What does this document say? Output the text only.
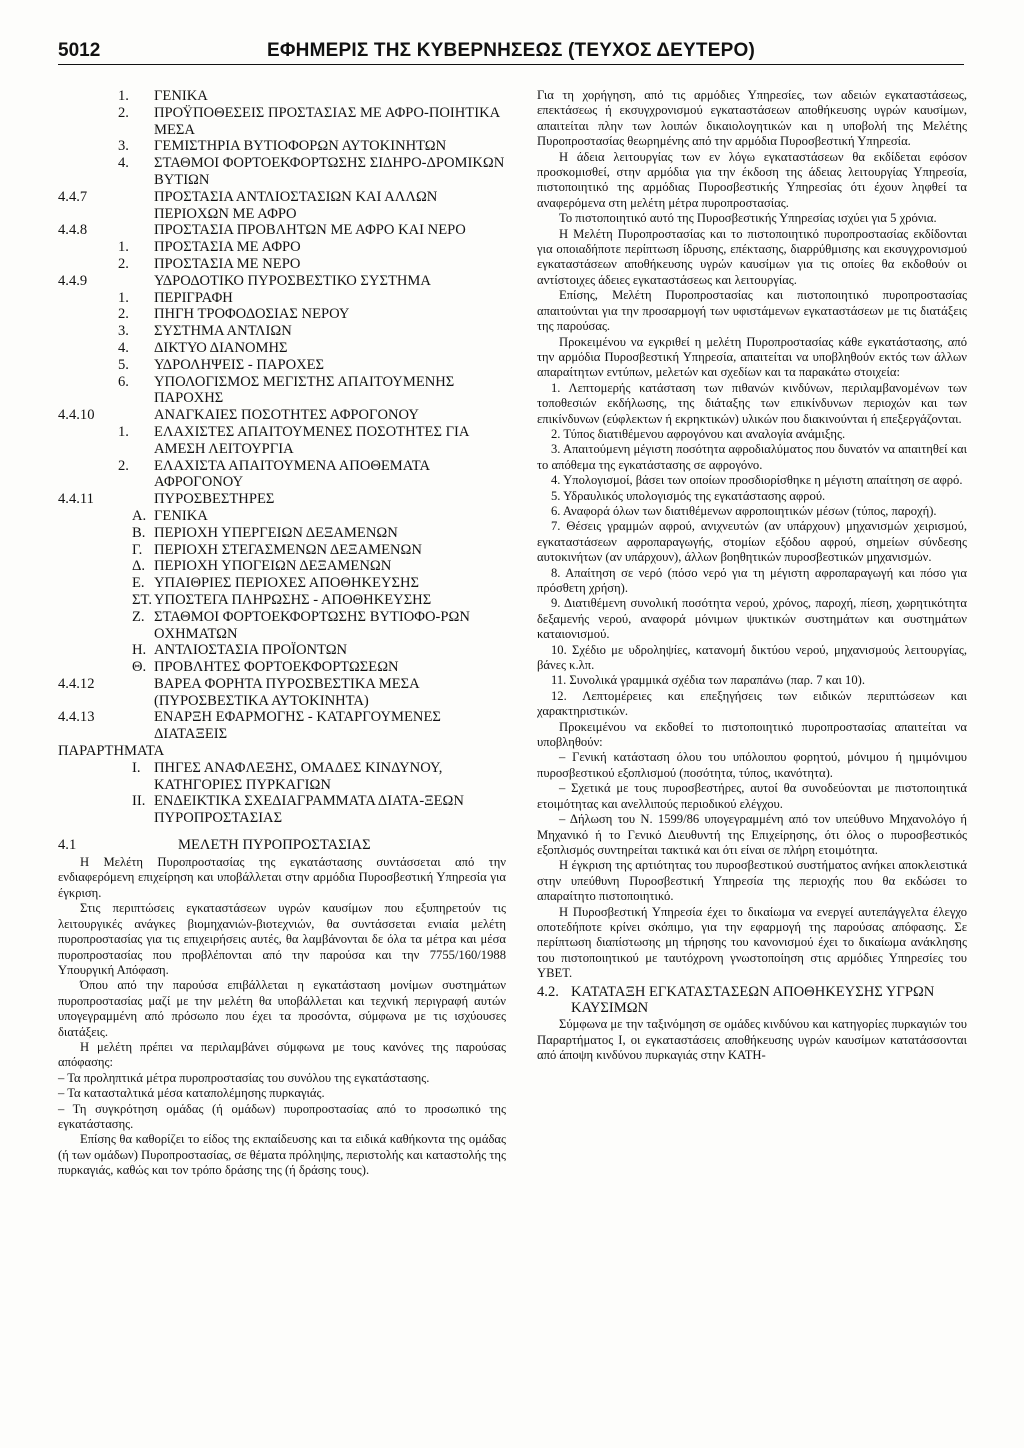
5012	ΕΦΗΜΕΡΙΣ ΤΗΣ ΚΥΒΕΡΝΗΣΕΩΣ (ΤΕΥΧΟΣ ΔΕΥΤΕΡΟ)
1. ΓΕΝΙΚΑ
2. ΠΡΟΫΠΟΘΕΣΕΙΣ ΠΡΟΣΤΑΣΙΑΣ ΜΕ ΑΦΡΟ-ΠΟΙΗΤΙΚΑ ΜΕΣΑ
3. ΓΕΜΙΣΤΗΡΙΑ ΒΥΤΙΟΦΟΡΩΝ ΑΥΤΟΚΙΝΗΤΩΝ
4. ΣΤΑΘΜΟΙ ΦΟΡΤΟΕΚΦΟΡΤΩΣΗΣ ΣΙΔΗΡΟ-ΔΡΟΜΙΚΩΝ ΒΥΤΙΩΝ
4.4.7	ΠΡΟΣΤΑΣΙΑ ΑΝΤΛΙΟΣΤΑΣΙΩΝ ΚΑΙ ΑΛΛΩΝ ΠΕΡΙΟΧΩΝ ΜΕ ΑΦΡΟ
4.4.8	ΠΡΟΣΤΑΣΙΑ ΠΡΟΒΛΗΤΩΝ ΜΕ ΑΦΡΟ ΚΑΙ ΝΕΡΟ
1. ΠΡΟΣΤΑΣΙΑ ΜΕ ΑΦΡΟ
2. ΠΡΟΣΤΑΣΙΑ ΜΕ ΝΕΡΟ
4.4.9	ΥΔΡΟΔΟΤΙΚΟ ΠΥΡΟΣΒΕΣΤΙΚΟ ΣΥΣΤΗΜΑ
1. ΠΕΡΙΓΡΑΦΗ
2. ΠΗΓΗ ΤΡΟΦΟΔΟΣΙΑΣ ΝΕΡΟΥ
3. ΣΥΣΤΗΜΑ ΑΝΤΛΙΩΝ
4. ΔΙΚΤΥΟ ΔΙΑΝΟΜΗΣ
5. ΥΔΡΟΛΗΨΕΙΣ - ΠΑΡΟΧΕΣ
6. ΥΠΟΛΟΓΙΣΜΟΣ ΜΕΓΙΣΤΗΣ ΑΠΑΙΤΟΥΜΕΝΗΣ ΠΑΡΟΧΗΣ
4.4.10	ΑΝΑΓΚΑΙΕΣ ΠΟΣΟΤΗΤΕΣ ΑΦΡΟΓΟΝΟΥ
1. ΕΛΑΧΙΣΤΕΣ ΑΠΑΙΤΟΥΜΕΝΕΣ ΠΟΣΟΤΗΤΕΣ ΓΙΑ ΑΜΕΣΗ ΛΕΙΤΟΥΡΓΙΑ
2. ΕΛΑΧΙΣΤΑ ΑΠΑΙΤΟΥΜΕΝΑ ΑΠΟΘΕΜΑΤΑ ΑΦΡΟΓΟΝΟΥ
4.4.11	ΠΥΡΟΣΒΕΣΤΗΡΕΣ
Α. ΓΕΝΙΚΑ
Β. ΠΕΡΙΟΧΗ ΥΠΕΡΓΕΙΩΝ ΔΕΞΑΜΕΝΩΝ
Γ. ΠΕΡΙΟΧΗ ΣΤΕΓΑΣΜΕΝΩΝ ΔΕΞΑΜΕΝΩΝ
Δ. ΠΕΡΙΟΧΗ ΥΠΟΓΕΙΩΝ ΔΕΞΑΜΕΝΩΝ
Ε. ΥΠΑΙΘΡΙΕΣ ΠΕΡΙΟΧΕΣ ΑΠΟΘΗΚΕΥΣΗΣ
ΣΤ. ΥΠΟΣΤΕΓΑ ΠΛΗΡΩΣΗΣ - ΑΠΟΘΗΚΕΥΣΗΣ
Ζ. ΣΤΑΘΜΟΙ ΦΟΡΤΟΕΚΦΟΡΤΩΣΗΣ ΒΥΤΙΟΦΟ-ΡΩΝ ΟΧΗΜΑΤΩΝ
Η. ΑΝΤΛΙΟΣΤΑΣΙΑ ΠΡΟΪΟΝΤΩΝ
Θ. ΠΡΟΒΛΗΤΕΣ ΦΟΡΤΟΕΚΦΟΡΤΩΣΕΩΝ
4.4.12	ΒΑΡΕΑ ΦΟΡΗΤΑ ΠΥΡΟΣΒΕΣΤΙΚΑ ΜΕΣΑ (ΠΥΡΟΣΒΕΣΤΙΚΑ ΑΥΤΟΚΙΝΗΤΑ)
4.4.13	ΕΝΑΡΞΗ ΕΦΑΡΜΟΓΗΣ - ΚΑΤΑΡΓΟΥΜΕΝΕΣ ΔΙΑΤΑΞΕΙΣ
ΠΑΡΑΡΤΗΜΑΤΑ
Ι. ΠΗΓΕΣ ΑΝΑΦΛΕΞΗΣ, ΟΜΑΔΕΣ ΚΙΝΔΥΝΟΥ, ΚΑΤΗΓΟΡΙΕΣ ΠΥΡΚΑΓΙΩΝ
ΙΙ. ΕΝΔΕΙΚΤΙΚΑ ΣΧΕΔΙΑΓΡΑΜΜΑΤΑ ΔΙΑΤΑ-ΞΕΩΝ ΠΥΡΟΠΡΟΣΤΑΣΙΑΣ
4.1	ΜΕΛΕΤΗ ΠΥΡΟΠΡΟΣΤΑΣΙΑΣ

Η Μελέτη Πυροπροστασίας της εγκατάστασης συντάσσεται από την ενδιαφερόμενη επιχείρηση και υποβάλλεται στην αρμόδια Πυροσβεστική Υπηρεσία για έγκριση.

Στις περιπτώσεις εγκαταστάσεων υγρών καυσίμων που εξυπηρετούν τις λειτουργικές ανάγκες βιομηχανιών-βιοτεχνιών, θα συντάσσεται ενιαία μελέτη πυροπροστασίας για τις επιχειρήσεις αυτές, θα λαμβάνονται δε όλα τα μέτρα και μέσα πυροπροστασίας που προβλέπονται από την παρούσα και την 7755/160/1988 Υπουργική Απόφαση.

Όπου από την παρούσα επιβάλλεται η εγκατάσταση μονίμων συστημάτων πυροπροστασίας μαζί με την μελέτη θα υποβάλλεται και τεχνική περιγραφή αυτών υπογεγραμμένη από πρόσωπο που έχει τα προσόντα, σύμφωνα με τις ισχύουσες διατάξεις.

Η μελέτη πρέπει να περιλαμβάνει σύμφωνα με τους κανόνες της παρούσας απόφασης:

– Τα προληπτικά μέτρα πυροπροστασίας του συνόλου της εγκατάστασης.

– Τα κατασταλτικά μέσα καταπολέμησης πυρκαγιάς.

– Τη συγκρότηση ομάδας (ή ομάδων) πυροπροστασίας από το προσωπικό της εγκατάστασης.

Επίσης θα καθορίζει το είδος της εκπαίδευσης και τα ειδικά καθήκοντα της ομάδας (ή των ομάδων) Πυροπροστασίας, σε θέματα πρόληψης, περιστολής και καταστολής της πυρκαγιάς, καθώς και τον τρόπο δράσης της (ή δράσης τους).

Για τη χορήγηση, από τις αρμόδιες Υπηρεσίες, των αδειών εγκαταστάσεως, επεκτάσεως ή εκσυγχρονισμού εγκαταστάσεων αποθήκευσης υγρών καυσίμων, απαιτείται πλην των λοιπών δικαιολογητικών και η υποβολή της Μελέτης Πυροπροστασίας θεωρημένης από την αρμόδια Πυροσβεστική Υπηρεσία.

Η άδεια λειτουργίας των εν λόγω εγκαταστάσεων θα εκδίδεται εφόσον προσκομισθεί, στην αρμόδια για την έκδοση της άδειας λειτουργίας Υπηρεσία, πιστοποιητικό της αρμόδιας Πυροσβεστικής Υπηρεσίας ότι έχουν ληφθεί τα αναφερόμενα στη μελέτη μέτρα πυροπροστασίας.

Το πιστοποιητικό αυτό της Πυροσβεστικής Υπηρεσίας ισχύει για 5 χρόνια.

Η Μελέτη Πυροπροστασίας και το πιστοποιητικό πυροπροστασίας εκδίδονται για οποιαδήποτε περίπτωση ίδρυσης, επέκτασης, διαρρύθμισης και εκσυγχρονισμού εγκαταστάσεων αποθήκευσης υγρών καυσίμων για τις οποίες θα εκδοθούν οι αντίστοιχες άδειες εγκαταστάσεως και λειτουργίας.

Επίσης, Μελέτη Πυροπροστασίας και πιστοποιητικό πυροπροστασίας απαιτούνται για την προσαρμογή των υφιστάμενων εγκαταστάσεων με τις διατάξεις της παρούσας.

Προκειμένου να εγκριθεί η μελέτη Πυροπροστασίας κάθε εγκατάστασης, από την αρμόδια Πυροσβεστική Υπηρεσία, απαιτείται να υποβληθούν εκτός των άλλων απαραίτητων εντύπων, μελετών και σχεδίων και τα παρακάτω στοιχεία:

1. Λεπτομερής κατάσταση των πιθανών κινδύνων, περιλαμβανομένων των τοποθεσιών εκδήλωσης, της διάταξης των επικίνδυνων περιοχών και των επικίνδυνων (εύφλεκτων ή εκρηκτικών) υλικών που διακινούνται ή επεξεργάζονται.

2. Τύπος διατιθέμενου αφρογόνου και αναλογία ανάμιξης.

3. Απαιτούμενη μέγιστη ποσότητα αφροδιαλύματος που δυνατόν να απαιτηθεί και το απόθεμα της εγκατάστασης σε αφρογόνο.

4. Υπολογισμοί, βάσει των οποίων προσδιορίσθηκε η μέγιστη απαίτηση σε αφρό.

5. Υδραυλικός υπολογισμός της εγκατάστασης αφρού.

6. Αναφορά όλων των διατιθέμενων αφροποιητικών μέσων (τύπος, παροχή).

7. Θέσεις γραμμών αφρού, ανιχνευτών (αν υπάρχουν) μηχανισμών χειρισμού, εγκαταστάσεων αφροπαραγωγής, στομίων εξόδου αφρού, σημείων σύνδεσης αυτοκινήτων (αν υπάρχουν), άλλων βοηθητικών πυροσβεστικών μηχανισμών.

8. Απαίτηση σε νερό (πόσο νερό για τη μέγιστη αφροπαραγωγή και πόσο για πρόσθετη χρήση).

9. Διατιθέμενη συνολική ποσότητα νερού, χρόνος, παροχή, πίεση, χωρητικότητα δεξαμενής νερού, αναφορά μόνιμων ψυκτικών συστημάτων και συστημάτων καταιονισμού.

10. Σχέδιο με υδροληψίες, κατανομή δικτύου νερού, μηχανισμούς λειτουργίας, βάνες κ.λπ.

11. Συνολικά γραμμικά σχέδια των παραπάνω (παρ. 7 και 10).

12. Λεπτομέρειες και επεξηγήσεις των ειδικών περιπτώσεων και χαρακτηριστικών.

Προκειμένου να εκδοθεί το πιστοποιητικό πυροπροστασίας απαιτείται να υποβληθούν:

– Γενική κατάσταση όλου του υπόλοιπου φορητού, μόνιμου ή ημιμόνιμου πυροσβεστικού εξοπλισμού (ποσότητα, τύπος, ικανότητα).

– Σχετικά με τους πυροσβεστήρες, αυτοί θα συνοδεύονται με πιστοποιητικά ετοιμότητας και ανελλιπούς περιοδικού ελέγχου.

– Δήλωση του Ν. 1599/86 υπογεγραμμένη από τον υπεύθυνο Μηχανολόγο ή Μηχανικό ή το Γενικό Διευθυντή της Επιχείρησης, ότι όλος ο πυροσβεστικός εξοπλισμός συντηρείται τακτικά και ότι είναι σε πλήρη ετοιμότητα.

Η έγκριση της αρτιότητας του πυροσβεστικού συστήματος ανήκει αποκλειστικά στην υπεύθυνη Πυροσβεστική Υπηρεσία της περιοχής που θα εκδώσει το απαραίτητο πιστοποιητικό.

Η Πυροσβεστική Υπηρεσία έχει το δικαίωμα να ενεργεί αυτεπάγγελτα έλεγχο οποτεδήποτε κρίνει σκόπιμο, για την εφαρμογή της παρούσας απόφασης. Σε περίπτωση διαπίστωσης μη τήρησης του κανονισμού έχει το δικαίωμα ανάκλησης του πιστοποιητικού με ταυτόχρονη γνωστοποίηση στις αρμόδιες Υπηρεσίες του ΥΒΕΤ.

4.2. ΚΑΤΑΤΑΞΗ ΕΓΚΑΤΑΣΤΑΣΕΩΝ ΑΠΟΘΗΚΕΥΣΗΣ ΥΓΡΩΝ ΚΑΥΣΙΜΩΝ

Σύμφωνα με την ταξινόμηση σε ομάδες κινδύνου και κατηγορίες πυρκαγιών του Παραρτήματος Ι, οι εγκαταστάσεις αποθήκευσης υγρών καυσίμων κατατάσσονται από άποψη κινδύνου πυρκαγιάς στην ΚΑΤΗ-
